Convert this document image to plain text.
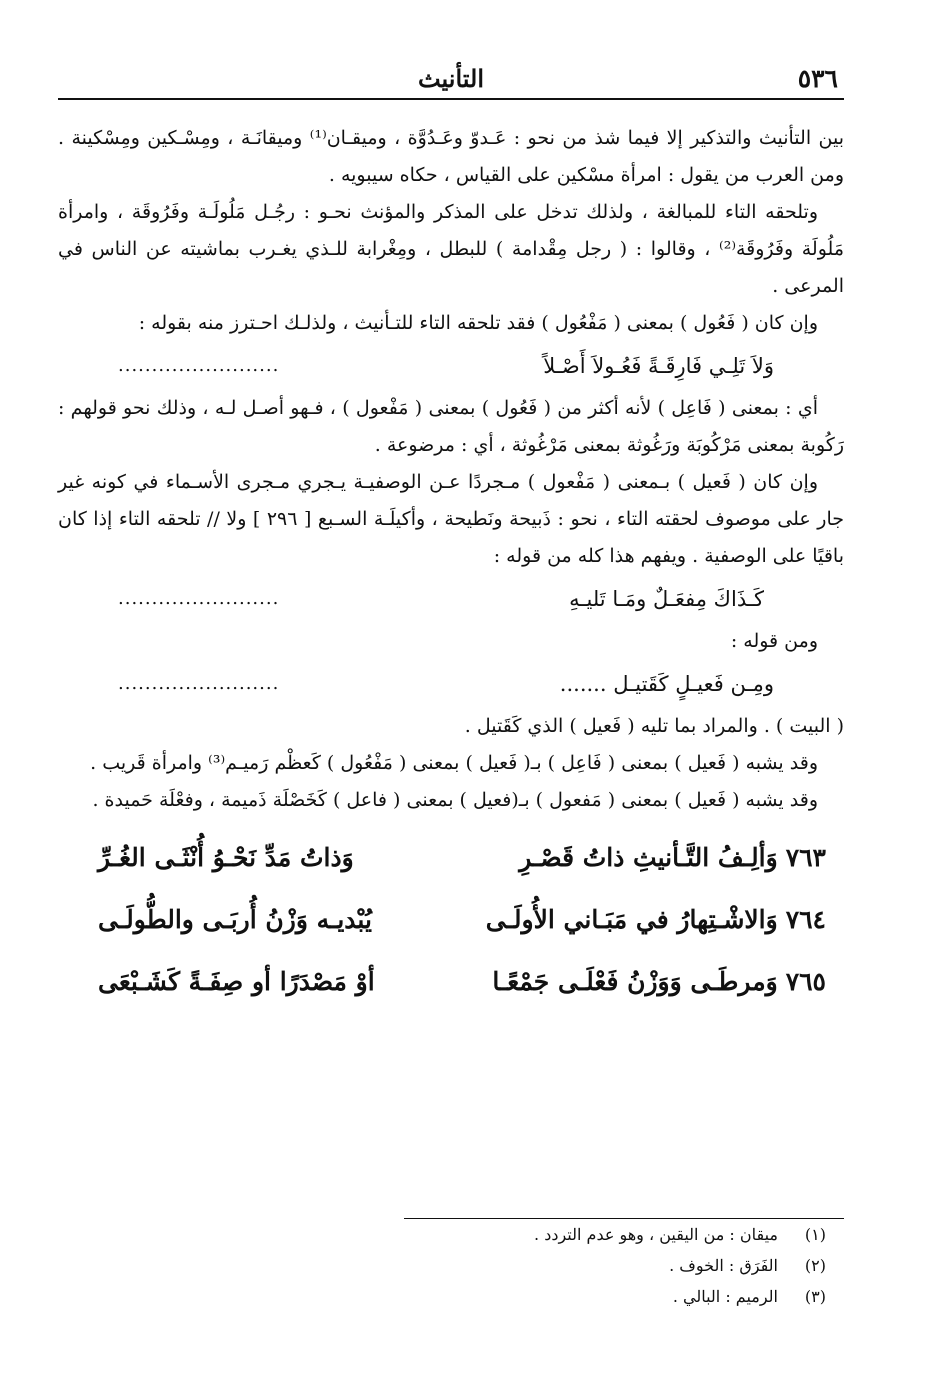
٥٣٦
التأنيث

بين التأنيث والتذكير إلا فيما شذ من نحو : عَـدوّ وعَـدُوَّة ، وميقـان⁽¹⁾ وميقانَـة ، ومِسْـكين ومِسْكينة . ومن العرب من يقول : امرأة مسْكين على القياس ، حكاه سيبويه .

وتلحقه التاء للمبالغة ، ولذلك تدخل على المذكر والمؤنث نحـو : رجُـل مَلُولَـة وفَرُوقَة ، وامرأة مَلُولَة وفَرُوقَة⁽²⁾ ، وقالوا : ( رجل مِقْدامة ) للبطل ، ومِغْرابة للـذي يغـرب بماشيته عن الناس في المرعى .

وإن كان ( فَعُول ) بمعنى ( مَفْعُول ) فقد تلحقه التاء للتـأنيث ، ولذلـك احـترز منه بقوله :

وَلاَ تَلِـي فَارِقَـةً فَعُـولاَ أَصْـلاً
........................

أي : بمعنى ( فَاعِل ) لأنه أكثر من ( فَعُول ) بمعنى ( مَفْعول ) ، فـهو أصـل لـه ، وذلك نحو قولهم : رَكُوبة بمعنى مَرْكُوبَة ورَغُوثة بمعنى مَرْغُوثة ، أي : مرضوعة .

وإن كان ( فَعيل ) بـمعنى ( مَفْعول ) مـجردًا عـن الوصفيـة يـجري مـجرى الأسـماء في كونه غير جار على موصوف لحقته التاء ، نحو : ذَبيحة ونَطيحة ، وأكيلَـة السـبع [ ٢٩٦ ] ولا // تلحقه التاء إذا كان باقيًا على الوصفية . ويفهم هذا كله من قوله :

كَـذَاكَ مِفعَـلٌ ومَـا تَليـهِ
........................

ومن قوله :

ومِـن فَعيـلٍ كَقَتيـل .......
........................

( البيت ) . والمراد بما تليه ( فَعيل ) الذي كَقَتيل .

وقد يشبه ( فَعيل ) بمعنى ( فَاعِل ) بـ( فَعيل ) بمعنى ( مَفْعُول ) كَعظْم رَميـم⁽³⁾ وامرأة قَريب .

وقد يشبه ( فَعيل ) بمعنى ( مَفعول ) بـ(فعيل ) بمعنى ( فاعل ) كَخَصْلَة ذَميمة ، وفعْلَة حَميدة .

٧٦٣وَألِـفُ التَّـأنيثِ ذاتُ قَصْـرِ
وَذاتُ مَدِّ نَحْـوُ أُنْثَـى الغُـرِّ
٧٦٤وَالاشْـتِهارُ في مَبَـاني الأُولَـى
يُبْديـه وَزْنُ أُربَـى والطُّولَـى
٧٦٥وَمرطَـى وَوَزْنُ فَعْلَـى جَمْعًـا
أوْ مَصْدَرًا أو صِفَـةً كَشَـبْعَى
(١)ميقان : من اليقين ، وهو عدم التردد .
(٢)الفَرَق : الخوف .
(٣)الرميم : البالي .
